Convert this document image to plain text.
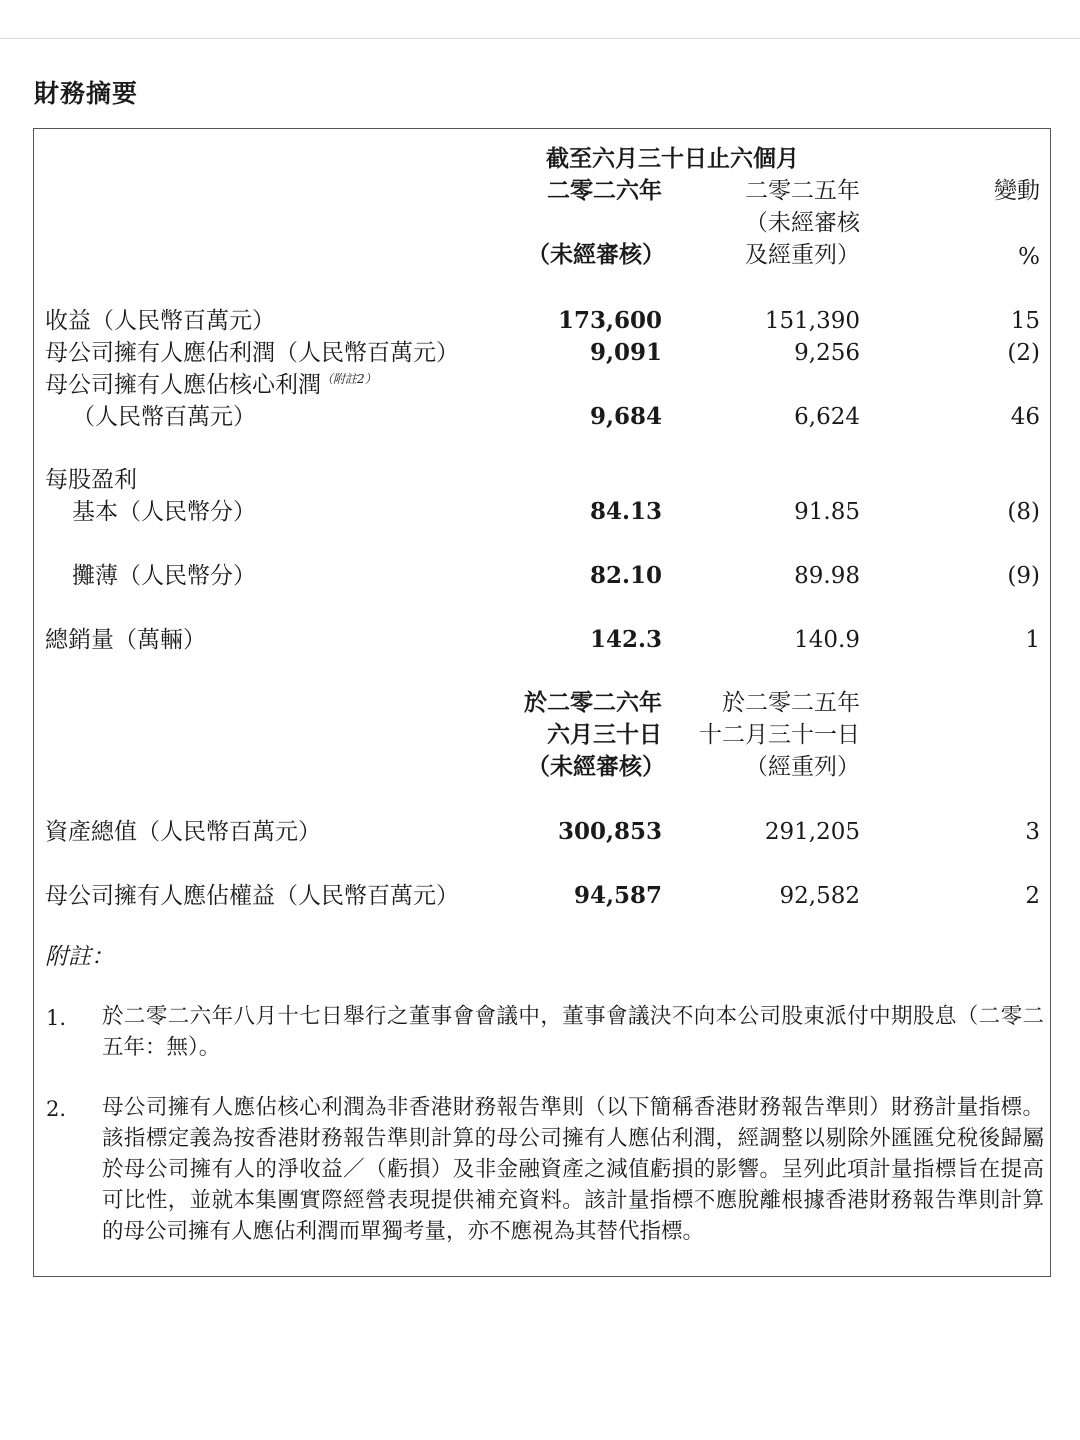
財務摘要
截至六月三十日止六個月
二零二六年
（未經審核）
二零二五年
（未經審核
及經重列）
變動
%
收益（人民幣百萬元）	173,600	151,390	15
母公司擁有人應佔利潤（人民幣百萬元）	9,091	9,256	(2)
母公司擁有人應佔核心利潤$^{(附註2)}$
（人民幣百萬元）	9,684	6,624	46
每股盈利
基本（人民幣分）	84.13	91.85	(8)
攤薄（人民幣分）	82.10	89.98	(9)
總銷量（萬輛）	142.3	140.9	1
於二零二六年
六月三十日
（未經審核）
於二零二五年
十二月三十一日
（經重列）
資產總值（人民幣百萬元）	300,853	291,205	3
母公司擁有人應佔權益（人民幣百萬元）	94,587	92,582	2
附註：
1. 於二零二六年八月十七日舉行之董事會會議中，董事會議決不向本公司股東派付中期股息（二零二五年：無）。
2. 母公司擁有人應佔核心利潤為非香港財務報告準則（以下簡稱香港財務報告準則）財務計量指標。該指標定義為按香港財務報告準則計算的母公司擁有人應佔利潤，經調整以剔除外匯匯兌稅後歸屬於母公司擁有人的淨收益／（虧損）及非金融資產之減值虧損的影響。呈列此項計量指標旨在提高可比性，並就本集團實際經營表現提供補充資料。該計量指標不應脫離根據香港財務報告準則計算的母公司擁有人應佔利潤而單獨考量，亦不應視為其替代指標。
